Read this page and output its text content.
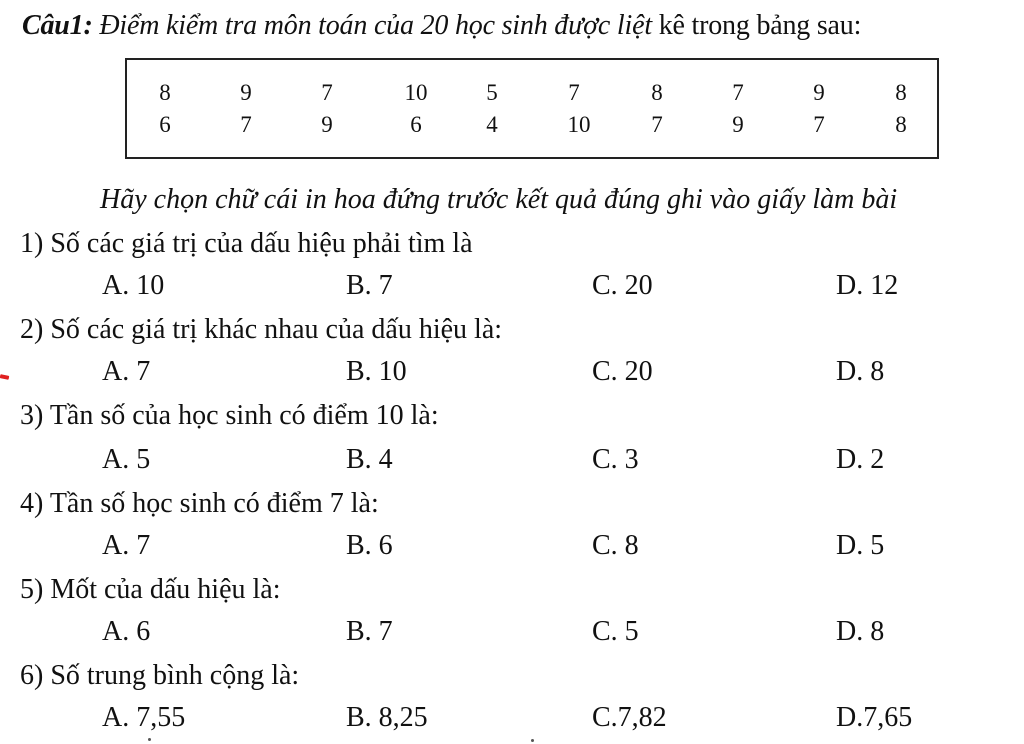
Câu1: Điểm kiểm tra môn toán của 20 học sinh được liệt kê trong bảng sau:
8	9	7	10	5	7	8	7	9	8
6	7	9	6	4	10	7	9	7	8
Hãy chọn chữ cái in hoa đứng trước kết quả đúng ghi vào giấy làm bài
1) Số các giá trị của dấu hiệu phải tìm là
A. 10	B. 7	C. 20	D. 12
2) Số các giá trị khác nhau của dấu hiệu là:
A. 7	B. 10	C. 20	D. 8
3) Tần số của học sinh có điểm 10 là:
A. 5	B. 4	C. 3	D. 2
4) Tần số học sinh có điểm 7 là:
A. 7	B. 6	C. 8	D. 5
5) Mốt của dấu hiệu là:
A. 6	B. 7	C. 5	D. 8
6) Số trung bình cộng là:
A. 7,55	B. 8,25	C.7,82	D.7,65
